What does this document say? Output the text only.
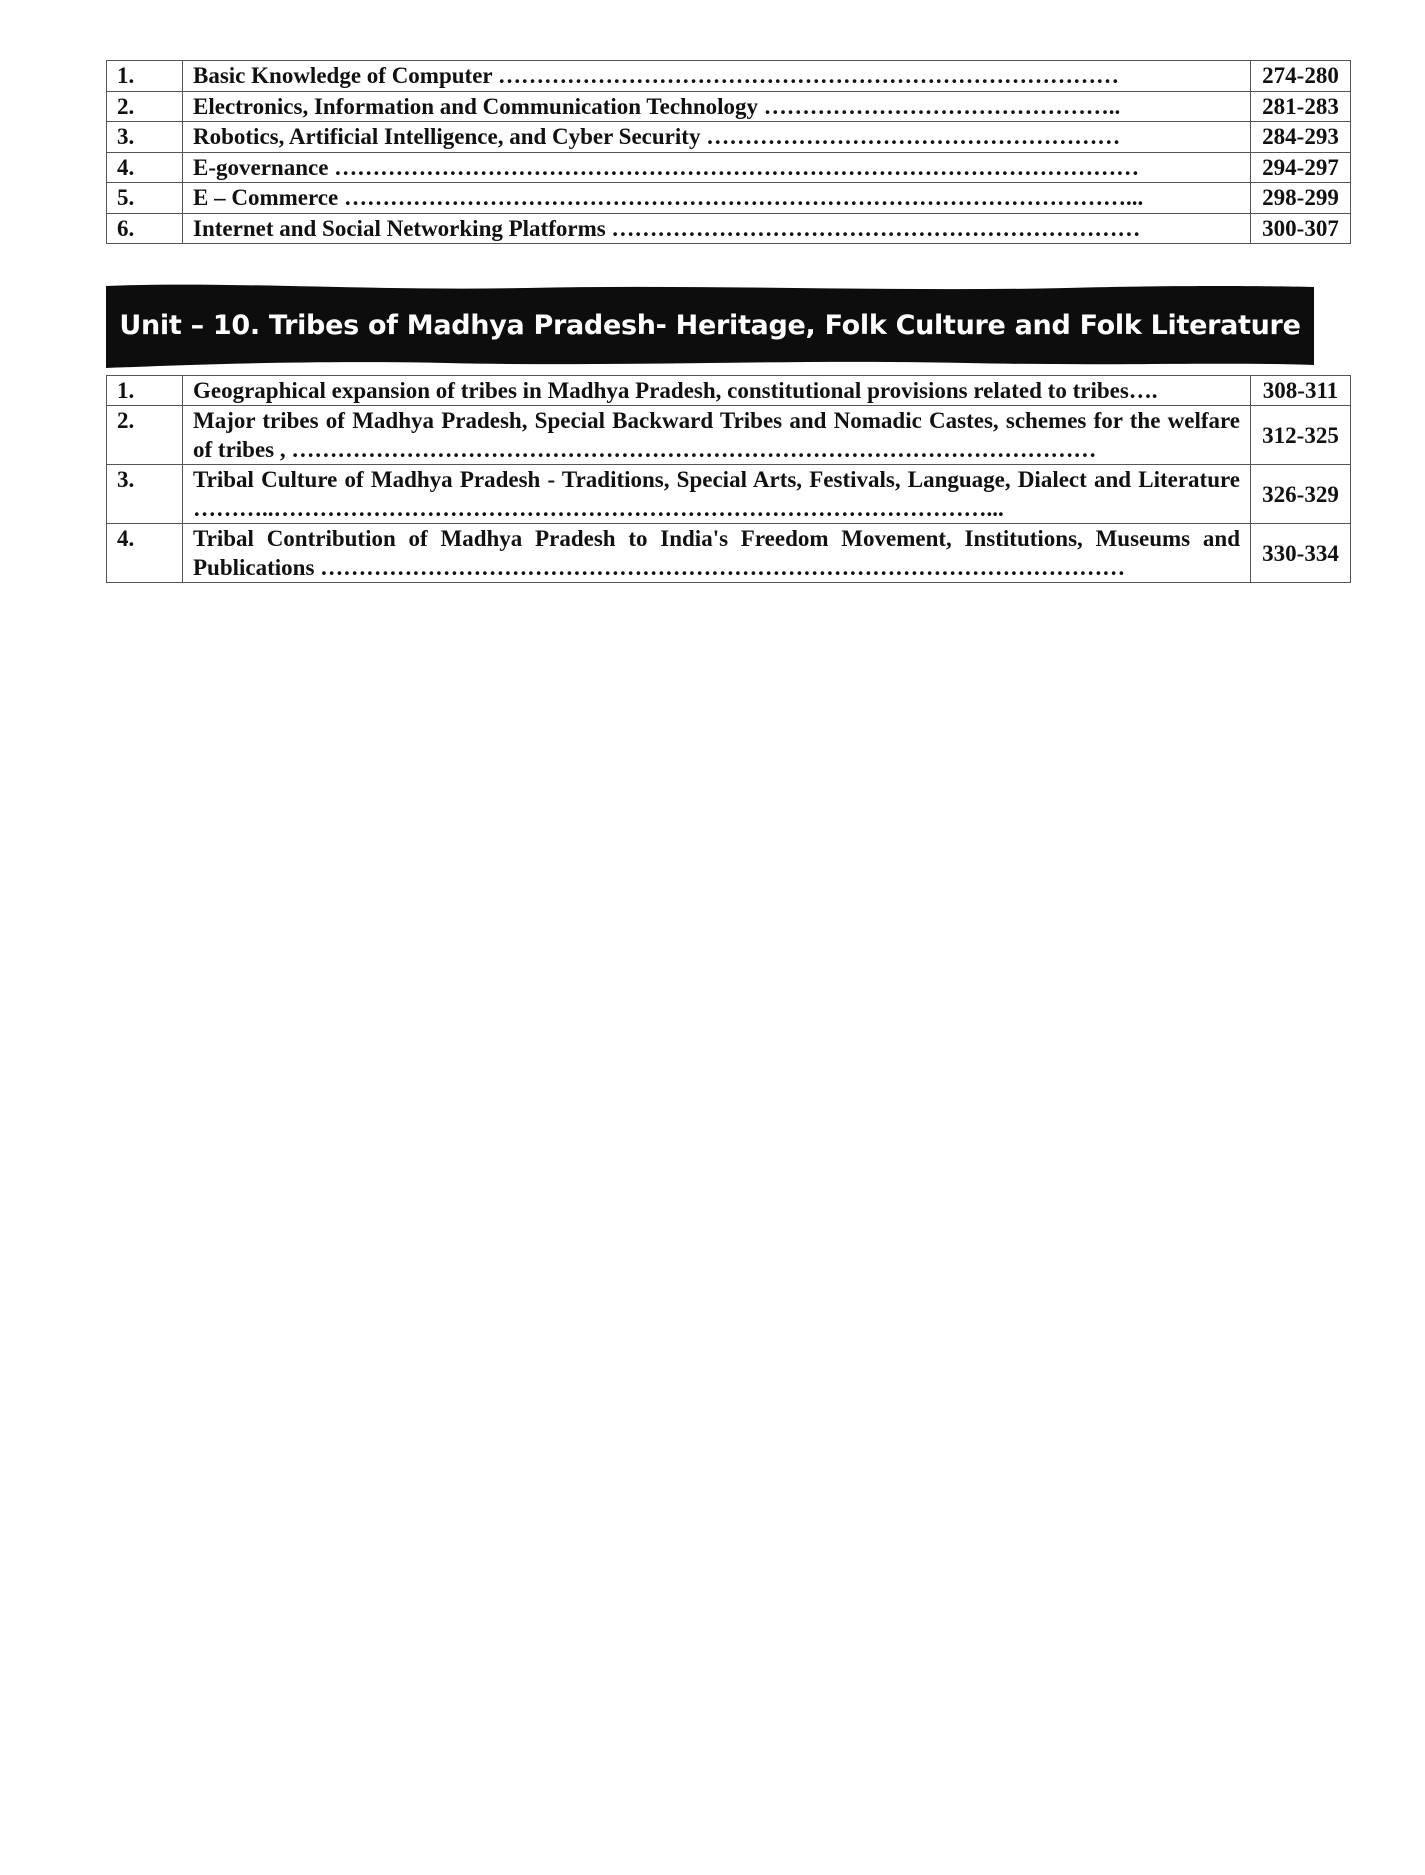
1.	Basic Knowledge of Computer ………………………………………………………………………	274-280
2.	Electronics, Information and Communication Technology ………………………………………..	281-283
3.	Robotics, Artificial Intelligence, and Cyber Security ………………………………………………	284-293
4.	E-governance ……………………………………………………………………………………………	294-297
5.	E – Commerce …………………………………………………………………………………………...	298-299
6.	Internet and Social Networking Platforms ……………………………………………………………	300-307
Unit – 10. Tribes of Madhya Pradesh- Heritage, Folk Culture and Folk Literature
1.	Geographical expansion of tribes in Madhya Pradesh, constitutional provisions related to tribes….	308-311
2.	Major tribes of Madhya Pradesh, Special Backward Tribes and Nomadic Castes, schemes for the welfare of tribes , ……………………………………………………………………………………………	312-325
3.	Tribal Culture of Madhya Pradesh - Traditions, Special Arts, Festivals, Language, Dialect and Literature ………..…………………………………………………………………………………...	326-329
4.	Tribal Contribution of Madhya Pradesh to India's Freedom Movement, Institutions, Museums and Publications ……………………………………………………………………………………………	330-334
